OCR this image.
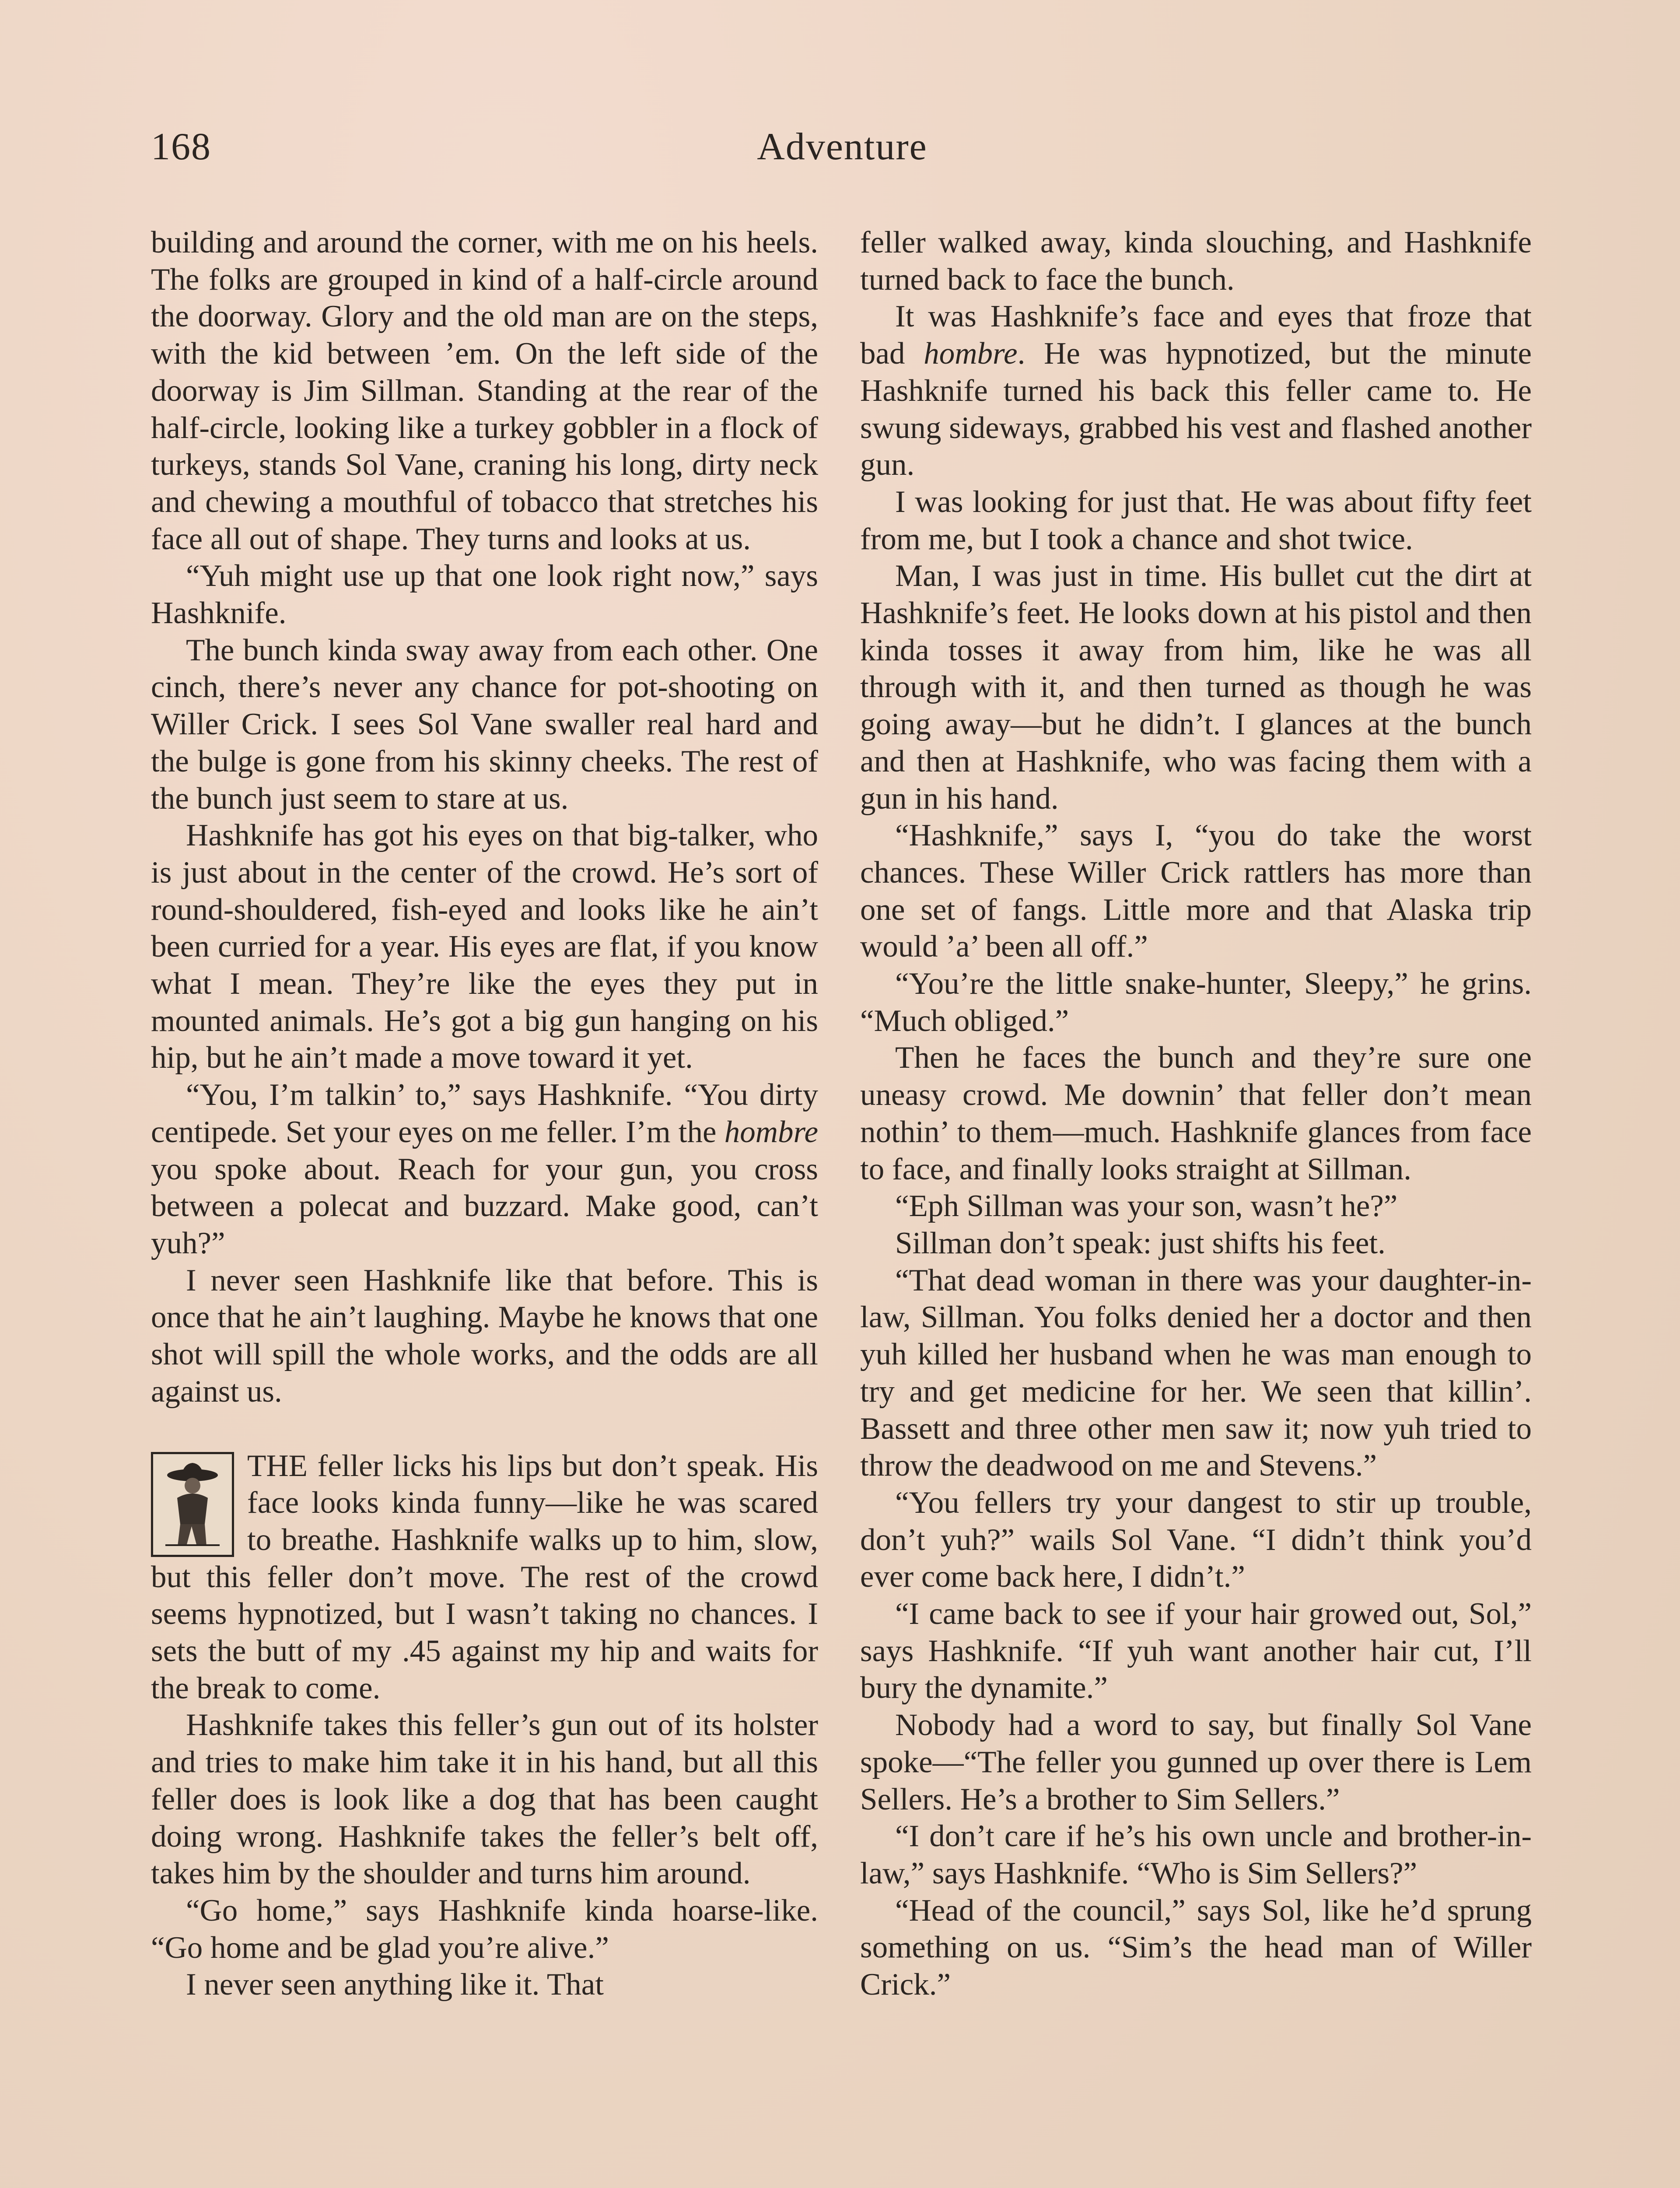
168	Adventure

building and around the corner, with me on his heels. The folks are grouped in kind of a half-circle around the doorway. Glory and the old man are on the steps, with the kid between ’em. On the left side of the doorway is Jim Sillman. Standing at the rear of the half-circle, looking like a turkey gobbler in a flock of turkeys, stands Sol Vane, craning his long, dirty neck and chewing a mouthful of tobacco that stretches his face all out of shape. They turns and looks at us.

“Yuh might use up that one look right now,” says Hashknife.

The bunch kinda sway away from each other. One cinch, there’s never any chance for pot-shooting on Willer Crick. I sees Sol Vane swaller real hard and the bulge is gone from his skinny cheeks. The rest of the bunch just seem to stare at us.

Hashknife has got his eyes on that big-talker, who is just about in the center of the crowd. He’s sort of round-shouldered, fish-eyed and looks like he ain’t been curried for a year. His eyes are flat, if you know what I mean. They’re like the eyes they put in mounted animals. He’s got a big gun hanging on his hip, but he ain’t made a move toward it yet.

“You, I’m talkin’ to,” says Hashknife. “You dirty centipede. Set your eyes on me feller. I’m the hombre you spoke about. Reach for your gun, you cross between a polecat and buzzard. Make good, can’t yuh?”

I never seen Hashknife like that before. This is once that he ain’t laughing. Maybe he knows that one shot will spill the whole works, and the odds are all against us.

THE feller licks his lips but don’t speak. His face looks kinda funny—like he was scared to breathe. Hashknife walks up to him, slow, but this feller don’t move. The rest of the crowd seems hypnotized, but I wasn’t taking no chances. I sets the butt of my .45 against my hip and waits for the break to come.

Hashknife takes this feller’s gun out of its holster and tries to make him take it in his hand, but all this feller does is look like a dog that has been caught doing wrong. Hashknife takes the feller’s belt off, takes him by the shoulder and turns him around.

“Go home,” says Hashknife kinda hoarse-like. “Go home and be glad you’re alive.”

I never seen anything like it. That

feller walked away, kinda slouching, and Hashknife turned back to face the bunch.

It was Hashknife’s face and eyes that froze that bad hombre. He was hypnotized, but the minute Hashknife turned his back this feller came to. He swung sideways, grabbed his vest and flashed another gun.

I was looking for just that. He was about fifty feet from me, but I took a chance and shot twice.

Man, I was just in time. His bullet cut the dirt at Hashknife’s feet. He looks down at his pistol and then kinda tosses it away from him, like he was all through with it, and then turned as though he was going away—but he didn’t. I glances at the bunch and then at Hashknife, who was facing them with a gun in his hand.

“Hashknife,” says I, “you do take the worst chances. These Willer Crick rattlers has more than one set of fangs. Little more and that Alaska trip would ’a’ been all off.”

“You’re the little snake-hunter, Sleepy,” he grins. “Much obliged.”

Then he faces the bunch and they’re sure one uneasy crowd. Me downin’ that feller don’t mean nothin’ to them—much. Hashknife glances from face to face, and finally looks straight at Sillman.

“Eph Sillman was your son, wasn’t he?”

Sillman don’t speak: just shifts his feet.

“That dead woman in there was your daughter-in-law, Sillman. You folks denied her a doctor and then yuh killed her husband when he was man enough to try and get medicine for her. We seen that killin’. Bassett and three other men saw it; now yuh tried to throw the deadwood on me and Stevens.”

“You fellers try your dangest to stir up trouble, don’t yuh?” wails Sol Vane. “I didn’t think you’d ever come back here, I didn’t.”

“I came back to see if your hair growed out, Sol,” says Hashknife. “If yuh want another hair cut, I’ll bury the dynamite.”

Nobody had a word to say, but finally Sol Vane spoke—“The feller you gunned up over there is Lem Sellers. He’s a brother to Sim Sellers.”

“I don’t care if he’s his own uncle and brother-in-law,” says Hashknife. “Who is Sim Sellers?”

“Head of the council,” says Sol, like he’d sprung something on us. “Sim’s the head man of Willer Crick.”
